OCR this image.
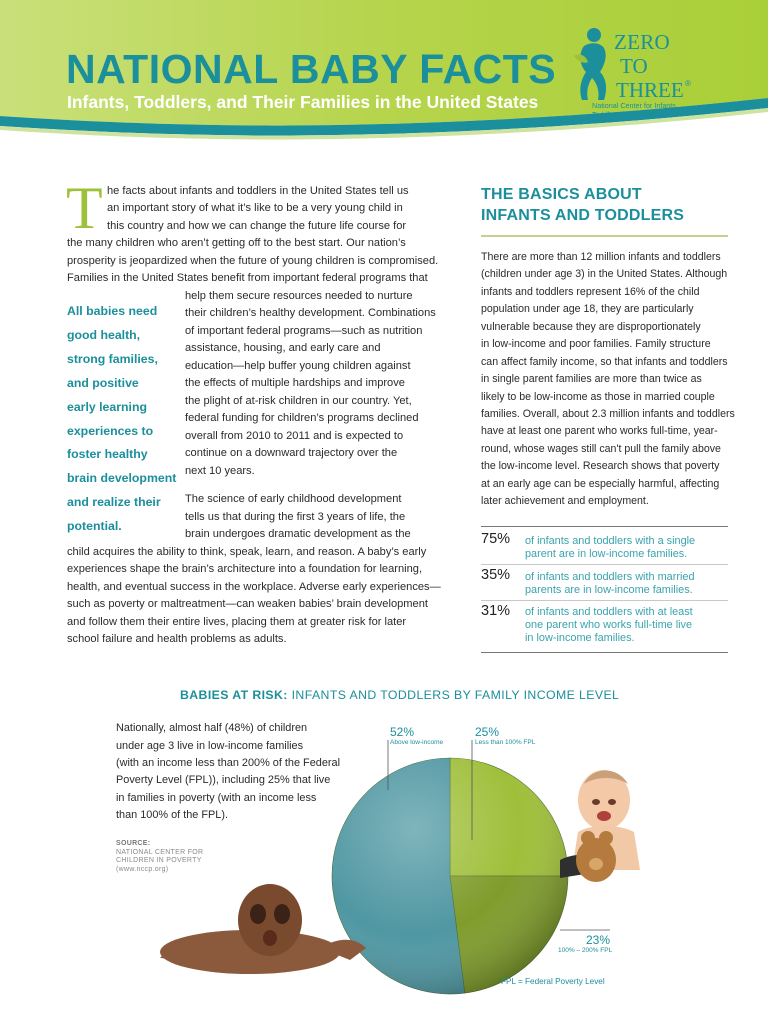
NATIONAL BABY FACTS
Infants, Toddlers, and Their Families in the United States
ZERO
TO
THREE ®
National Center for Infants,
Toddlers, and Families
T he facts about infants and toddlers in the United States tell us
an important story of what it’s like to be a very young child in
this country and how we can change the future life course for
the many children who aren’t getting off to the best start. Our nation’s
prosperity is jeopardized when the future of young children is compromised.
Families in the United States benefit from important federal programs that
help them secure resources needed to nurture
their children’s healthy development. Combinations
of important federal programs—such as nutrition
assistance, housing, and early care and
education—help buffer young children against
the effects of multiple hardships and improve
the plight of at-risk children in our country. Yet,
federal funding for children’s programs declined
overall from 2010 to 2011 and is expected to
continue on a downward trajectory over the
next 10 years.
The science of early childhood development
tells us that during the first 3 years of life, the
brain undergoes dramatic development as the
child acquires the ability to think, speak, learn, and reason. A baby’s early
experiences shape the brain’s architecture into a foundation for learning,
health, and eventual success in the workplace. Adverse early experiences—
such as poverty or maltreatment—can weaken babies’ brain development
and follow them their entire lives, placing them at greater risk for later
school failure and health problems as adults.
All babies need
good health,
strong families,
and positive
early learning
experiences to
foster healthy
brain development
and realize their
potential.
THE BASICS ABOUT
INFANTS AND TODDLERS
There are more than 12 million infants and toddlers
(children under age 3) in the United States. Although
infants and toddlers represent 16% of the child
population under age 18, they are particularly
vulnerable because they are disproportionately
in low-income and poor families. Family structure
can affect family income, so that infants and toddlers
in single parent families are more than twice as
likely to be low-income as those in married couple
families. Overall, about 2.3 million infants and toddlers
have at least one parent who works full-time, year-
round, whose wages still can't pull the family above
the low-income level. Research shows that poverty
at an early age can be especially harmful, affecting
later achievement and employment.
75% of infants and toddlers with a single
parent are in low-income families.
35% of infants and toddlers with married
parents are in low-income families.
31% of infants and toddlers with at least
one parent who works full-time live
in low-income families.
BABIES AT RISK: INFANTS AND TODDLERS BY FAMILY INCOME LEVEL
Nationally, almost half (48%) of children
under age 3 live in low-income families
(with an income less than 200% of the Federal
Poverty Level (FPL)), including 25% that live
in families in poverty (with an income less
than 100% of the FPL).
SOURCE:
NATIONAL CENTER FOR
CHILDREN IN POVERTY
(www.nccp.org)
52%
Above low-income
25%
Less than 100% FPL
23%
100% – 200% FPL
FPL = Federal Poverty Level
